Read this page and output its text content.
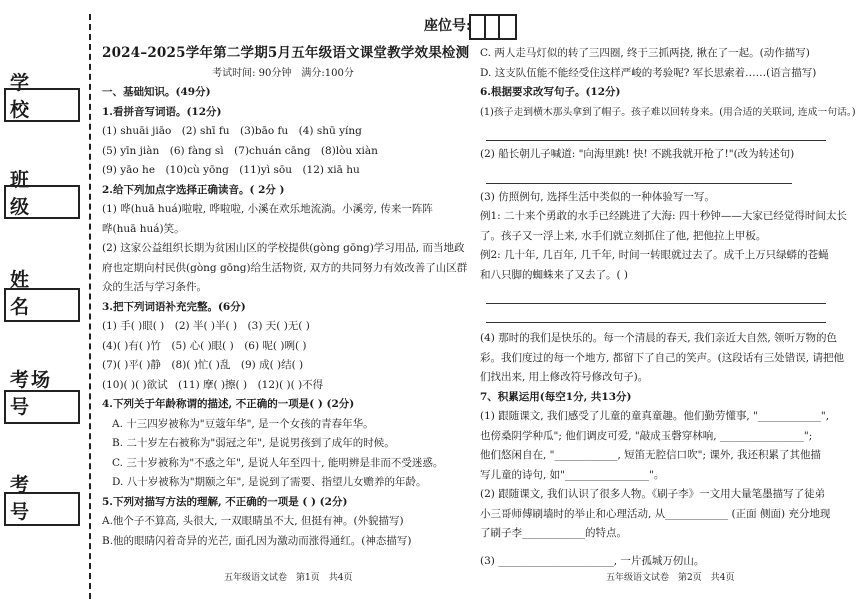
学 校
班 级
姓 名
考场号
考 号
座位号:
2024–2025学年第二学期5月五年级语文课堂教学效果检测
考试时间: 90分钟　满分:100分
一、基础知识。(49分)
1.看拼音写词语。(12分)
(1) shuāi jiāo　(2) shī fu　(3)bāo fu　(4) shū yíng
(5) yīn jiàn　(6) fàng sì　(7)chuán cāng　(8)lòu xiàn
(9) yāo he　(10)cù yōng　(11)yì sōu　(12) xiā hu
2.给下列加点字选择正确读音。( 2分 )
(1) 哗(huā huá)啦啦, 哗啦啦, 小溪在欢乐地流淌。小溪旁, 传来一阵阵
哗(huā huá)笑。
(2) 这家公益组织长期为贫困山区的学校提供(gòng gōng)学习用品, 而当地政
府也定期向村民供(gòng gōng)给生活物资, 双方的共同努力有效改善了山区群
众的生活与学习条件。
3.把下列词语补充完整。(6分)
(1) 手( )眼( )　(2) 半( )半( )　(3) 天( )无( )
(4)( )有( )竹　(5) 心( )眼( )　(6) 呢( )咧( )
(7)( )平( )静　(8)( )忙( )乱　(9) 成( )结( )
(10)( )( )欲试　(11) 摩( )擦( )　(12)( )( )不得
4.下列关于年龄称谓的描述, 不正确的一项是( ) (2分)
A. 十三四岁被称为"豆蔻年华", 是一个女孩的青春年华。
B. 二十岁左右被称为"弱冠之年", 是说男孩到了成年的时候。
C. 三十岁被称为"不惑之年", 是说人年至四十, 能明辨是非而不受迷惑。
D. 八十岁被称为"期颐之年", 是说到了需要、指望儿女赡养的年龄。
5.下列对描写方法的理解, 不正确的一项是 ( ) (2分)
A.他个子不算高, 头很大, 一双眼睛虽不大, 但挺有神。(外貌描写)
B.他的眼睛闪着奇异的光芒, 面孔因为激动而涨得通红。(神态描写)
C. 两人走马灯似的转了三四圈, 终于三抓两挠, 揪在了一起。(动作描写)
D. 这支队伍能不能经受住这样严峻的考验呢? 军长思索着……(语言描写)
6.根据要求改写句子。(12分)
(1)孩子走到横木那头拿到了帽子。孩子难以回转身来。(用合适的关联词, 连成一句话。)
(2) 船长朝儿子喊道: "向海里跳! 快! 不跳我就开枪了!"(改为转述句)
(3) 仿照例句, 选择生活中类似的一种体验写一写。
例1: 二十来个勇敢的水手已经跳进了大海: 四十秒钟——大家已经觉得时间太长
了。孩子又一浮上来, 水手们就立刻抓住了他, 把他拉上甲板。
例2: 几十年, 几百年, 几千年, 时间一转眼就过去了。成千上万只绿蟒的苍蝇
和八只脚的蜘蛛来了又去了。( )
(4) 那时的我们是快乐的。每一个清晨的春天, 我们亲近大自然, 领听万物的色
彩。我们度过的每一个地方, 都留下了自己的笑声。(这段话有三处错误, 请把他
们找出来, 用上修改符号修改句子)。
7、积累运用(每空1分, 共13分)
(1) 跟随课文, 我们感受了儿童的童真童趣。他们勤劳懂事, "____________",
也傍桑阴学种瓜"; 他们调皮可爱, "敲成玉磬穿林响, ________________";
他们悠闲自在, "____________, 短笛无腔信口吹"; 课外, 我还积累了其他描
写儿童的诗句, 如"________________"。
(2) 跟随课文, 我们认识了很多人物。《刷子李》一文用大量笔墨描写了徒弟
小三哥师傅刷墙时的举止和心理活动, 从____________ (正面 侧面) 充分地现
了刷子李____________的特点。
(3) ______________________, 一片孤城万仞山。
五年级语文试卷　第1页　共4页	五年级语文试卷　第2页　共4页
